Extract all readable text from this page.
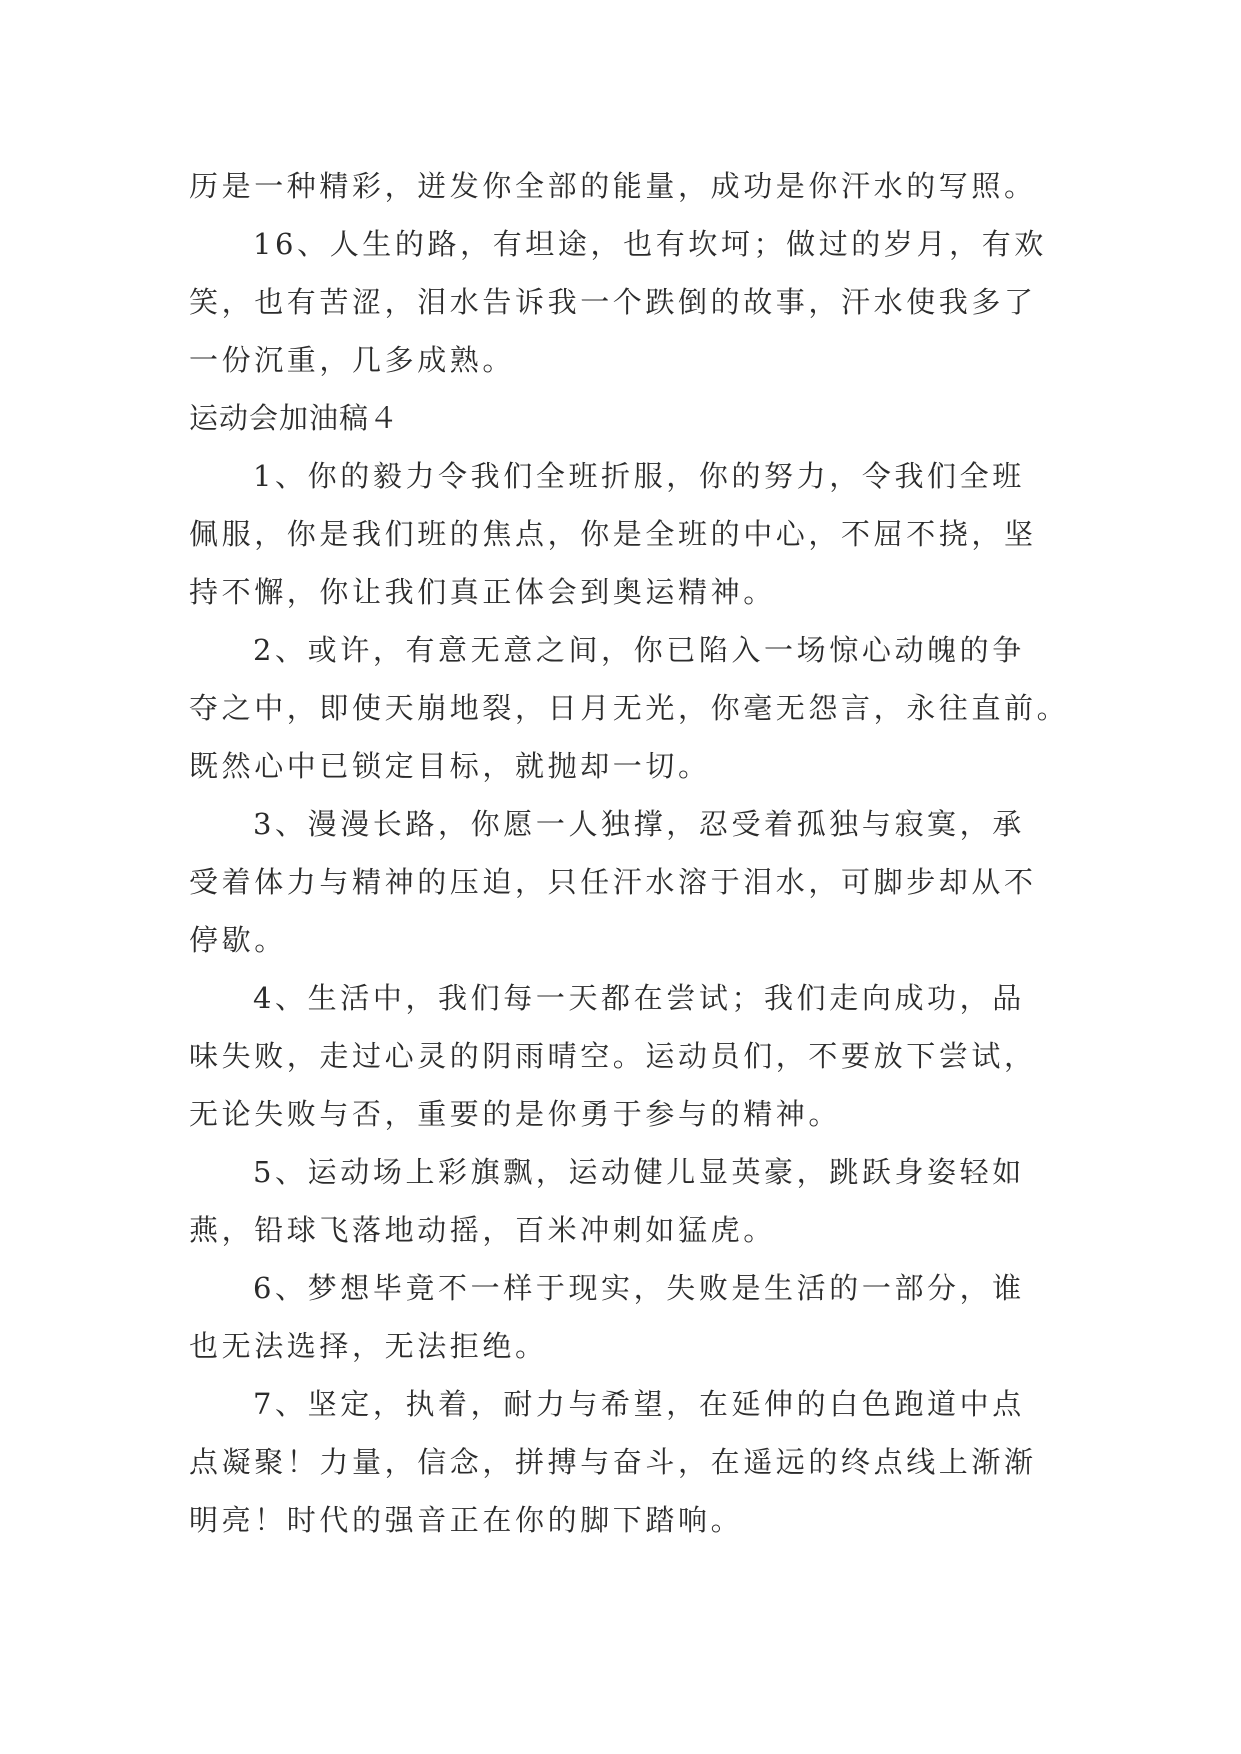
历是一种精彩，迸发你全部的能量，成功是你汗水的写照。

16、人生的路，有坦途，也有坎坷；做过的岁月，有欢
笑，也有苦涩，泪水告诉我一个跌倒的故事，汗水使我多了
一份沉重，几多成熟。

运动会加油稿４

1、你的毅力令我们全班折服，你的努力，令我们全班
佩服，你是我们班的焦点，你是全班的中心，不屈不挠，坚
持不懈，你让我们真正体会到奥运精神。

2、或许，有意无意之间，你已陷入一场惊心动魄的争
夺之中，即使天崩地裂，日月无光，你毫无怨言，永往直前。
既然心中已锁定目标，就抛却一切。

3、漫漫长路，你愿一人独撑，忍受着孤独与寂寞，承
受着体力与精神的压迫，只任汗水溶于泪水，可脚步却从不
停歇。

4、生活中，我们每一天都在尝试；我们走向成功，品
味失败，走过心灵的阴雨晴空。运动员们，不要放下尝试，
无论失败与否，重要的是你勇于参与的精神。

5、运动场上彩旗飘，运动健儿显英豪，跳跃身姿轻如
燕，铅球飞落地动摇，百米冲刺如猛虎。

6、梦想毕竟不一样于现实，失败是生活的一部分，谁
也无法选择，无法拒绝。

7、坚定，执着，耐力与希望，在延伸的白色跑道中点
点凝聚！力量，信念，拼搏与奋斗，在遥远的终点线上渐渐
明亮！时代的强音正在你的脚下踏响。
